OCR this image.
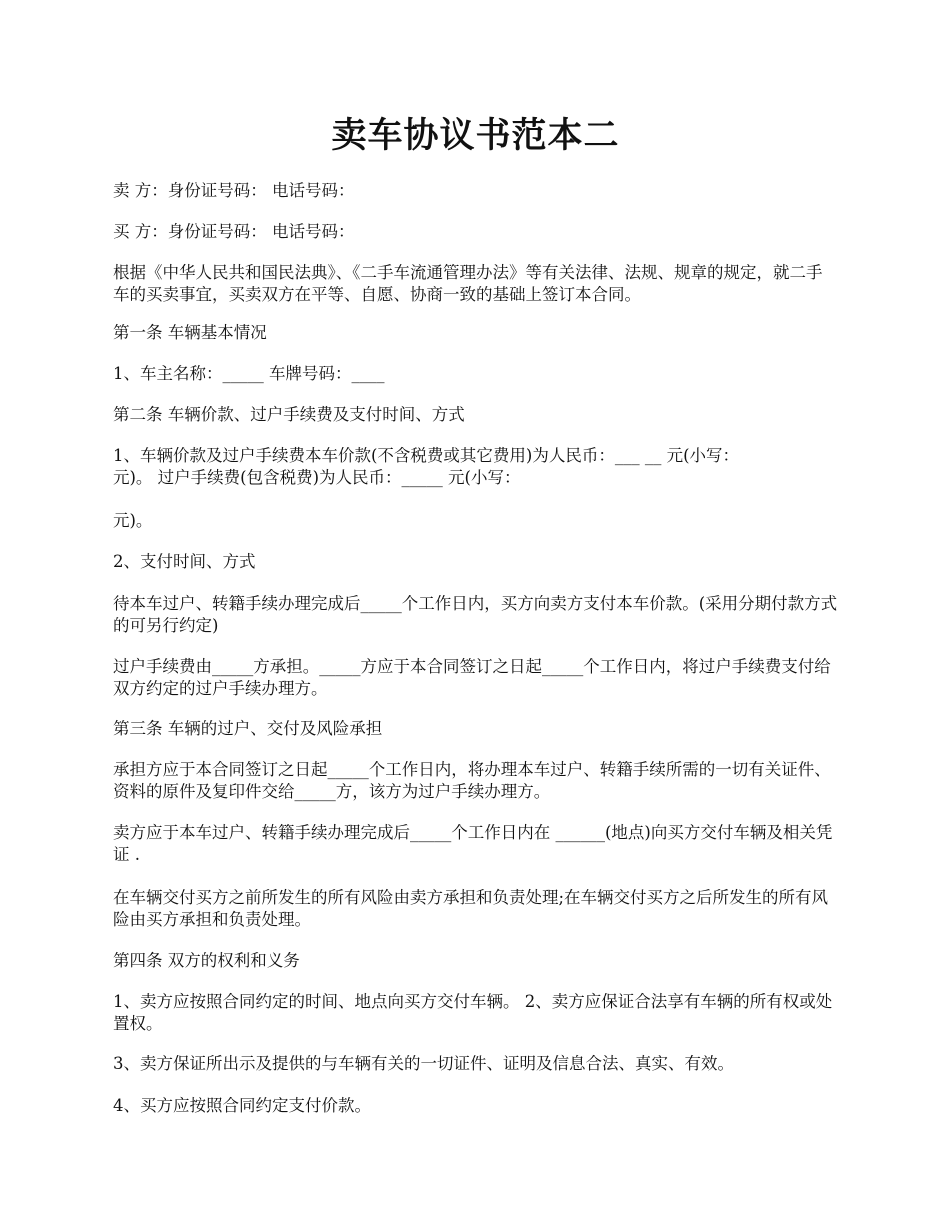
卖车协议书范本二

卖 方：身份证号码： 电话号码：

买 方：身份证号码： 电话号码：

根据《中华人民共和国民法典》、《二手车流通管理办法》等有关法律、法规、规章的规定，就二手车的买卖事宜，买卖双方在平等、自愿、协商一致的基础上签订本合同。

第一条 车辆基本情况

1、车主名称：_____ 车牌号码：____

第二条 车辆价款、过户手续费及支付时间、方式

1、车辆价款及过户手续费本车价款(不含税费或其它费用)为人民币：___ __ 元(小写：

元)。 过户手续费(包含税费)为人民币：_____ 元(小写：

元)。

2、支付时间、方式

待本车过户、转籍手续办理完成后_____个工作日内，买方向卖方支付本车价款。(采用分期付款方式的可另行约定)

过户手续费由_____方承担。_____方应于本合同签订之日起_____个工作日内，将过户手续费支付给双方约定的过户手续办理方。

第三条 车辆的过户、交付及风险承担

承担方应于本合同签订之日起_____个工作日内，将办理本车过户、转籍手续所需的一切有关证件、资料的原件及复印件交给_____方，该方为过户手续办理方。

卖方应于本车过户、转籍手续办理完成后_____个工作日内在 ______(地点)向买方交付车辆及相关凭证 .

在车辆交付买方之前所发生的所有风险由卖方承担和负责处理;在车辆交付买方之后所发生的所有风险由买方承担和负责处理。

第四条 双方的权利和义务

1、卖方应按照合同约定的时间、地点向买方交付车辆。 2、卖方应保证合法享有车辆的所有权或处置权。

3、卖方保证所出示及提供的与车辆有关的一切证件、证明及信息合法、真实、有效。

4、买方应按照合同约定支付价款。
